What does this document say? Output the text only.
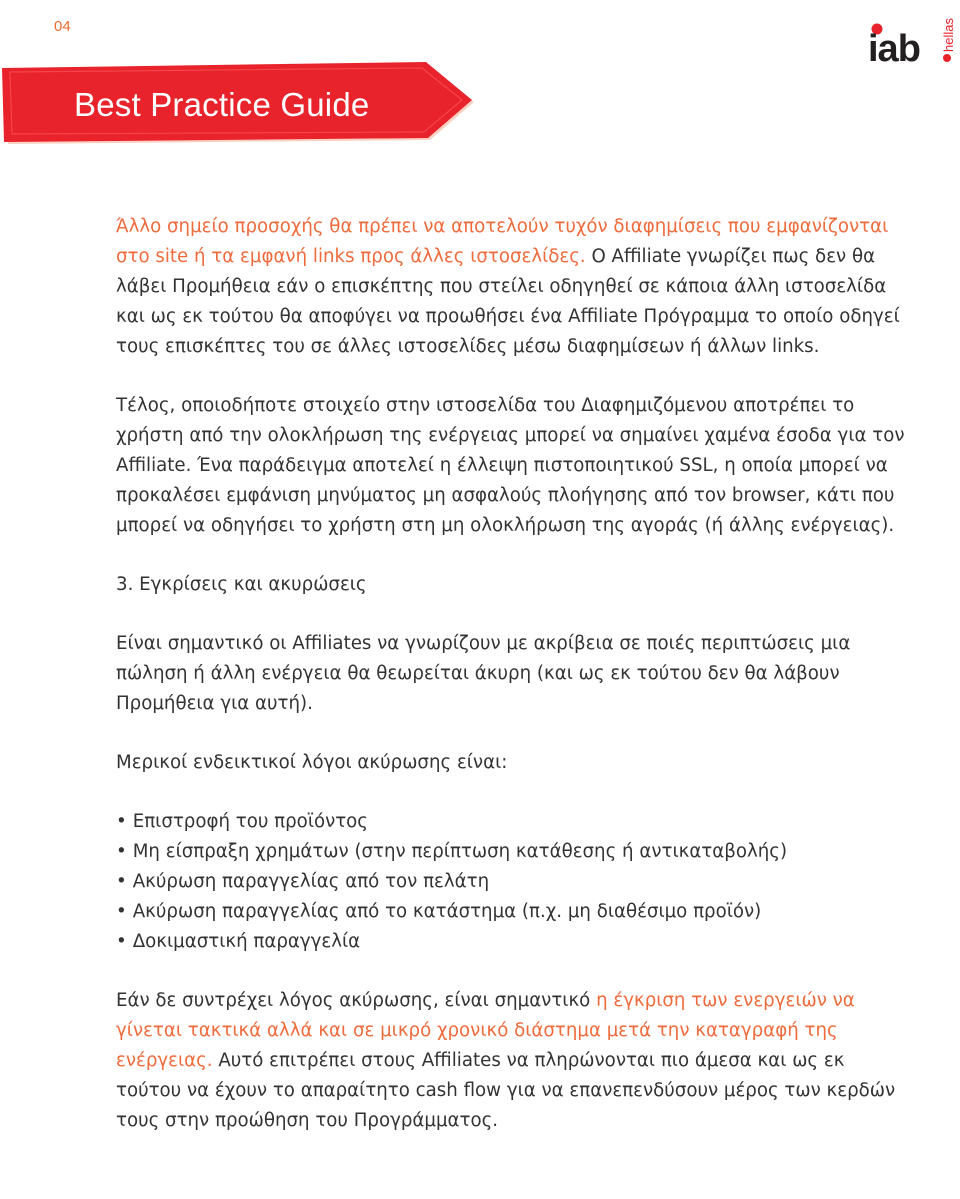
04
iab hellas
Best Practice Guide

Άλλο σημείο προσοχής θα πρέπει να αποτελούν τυχόν διαφημίσεις που εμφανίζονται στο site ή τα εμφανή links προς άλλες ιστοσελίδες. Ο Affiliate γνωρίζει πως δεν θα λάβει Προμήθεια εάν ο επισκέπτης που στείλει οδηγηθεί σε κάποια άλλη ιστοσελίδα και ως εκ τούτου θα αποφύγει να προωθήσει ένα Affiliate Πρόγραμμα το οποίο οδηγεί τους επισκέπτες του σε άλλες ιστοσελίδες μέσω διαφημίσεων ή άλλων links.

Τέλος, οποιοδήποτε στοιχείο στην ιστοσελίδα του Διαφημιζόμενου αποτρέπει το χρήστη από την ολοκλήρωση της ενέργειας μπορεί να σημαίνει χαμένα έσοδα για τον Affiliate. Ένα παράδειγμα αποτελεί η έλλειψη πιστοποιητικού SSL, η οποία μπορεί να προκαλέσει εμφάνιση μηνύματος μη ασφαλούς πλοήγησης από τον browser, κάτι που μπορεί να οδηγήσει το χρήστη στη μη ολοκλήρωση της αγοράς (ή άλλης ενέργειας).

3. Εγκρίσεις και ακυρώσεις

Είναι σημαντικό οι Affiliates να γνωρίζουν με ακρίβεια σε ποιές περιπτώσεις μια πώληση ή άλλη ενέργεια θα θεωρείται άκυρη (και ως εκ τούτου δεν θα λάβουν Προμήθεια για αυτή).

Μερικοί ενδεικτικοί λόγοι ακύρωσης είναι:

• Επιστροφή του προϊόντος
• Μη είσπραξη χρημάτων (στην περίπτωση κατάθεσης ή αντικαταβολής)
• Ακύρωση παραγγελίας από τον πελάτη
• Ακύρωση παραγγελίας από το κατάστημα (π.χ. μη διαθέσιμο προϊόν)
• Δοκιμαστική παραγγελία

Εάν δε συντρέχει λόγος ακύρωσης, είναι σημαντικό η έγκριση των ενεργειών να γίνεται τακτικά αλλά και σε μικρό χρονικό διάστημα μετά την καταγραφή της ενέργειας. Αυτό επιτρέπει στους Affiliates να πληρώνονται πιο άμεσα και ως εκ τούτου να έχουν το απαραίτητο cash flow για να επανεπενδύσουν μέρος των κερδών τους στην προώθηση του Προγράμματος.
